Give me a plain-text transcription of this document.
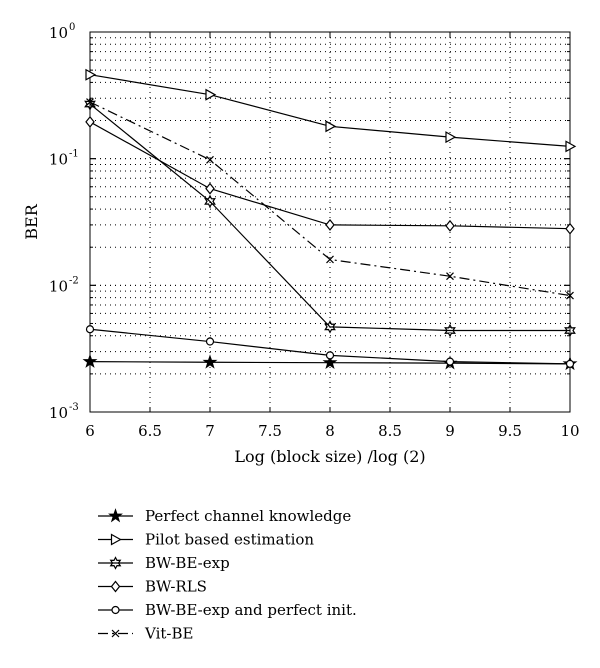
6	6.5	7	7.5	8	8.5	9	9.5	10
10 0
10 -1
10 -2
10 -3
Log (block size) /log (2)
BER
Perfect channel knowledge
Pilot based estimation
BW-BE-exp
BW-RLS
BW-BE-exp and perfect init.
Vit-BE
